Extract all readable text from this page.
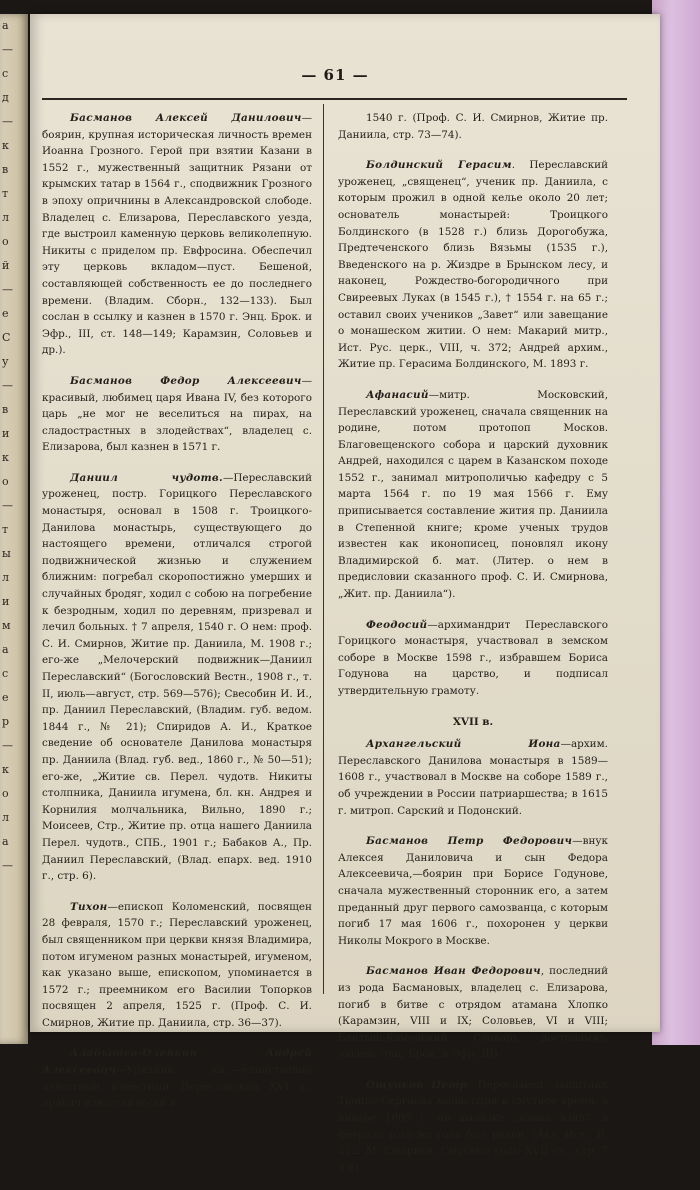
а
—
с
д
—
к
в
т
л
о
й
—
е
С
у
—
в
и
к
о
—
т
ы
л
и
м
а
с
е
р
—
к
о
л
а
—
— 61 —

Басманов Алексей Данилович—боярин, крупная историческая личность времен Иоанна Грозного. Герой при взятии Казани в 1552 г., мужественный защитник Рязани от крымских татар в 1564 г., сподвижник Грозного в эпоху опричнины в Александровской слободе. Владелец с. Елизарова, Переславского уезда, где выстроил каменную церковь великолепную. Никиты с приделом пр. Евфросина. Обеспечил эту церковь вкладом—пуст. Бешеной, составляющей собственность ее до последнего времени. (Владим. Сборн., 132—133). Был сослан в ссылку и казнен в 1570 г. Энц. Брок. и Эфр., III, ст. 148—149; Карамзин, Соловьев и др.).

Басманов Федор Алексеевич—красивый, любимец царя Ивана IV, без которого царь „не мог не веселиться на пирах, на сладострастных в злодействах“, владелец с. Елизарова, был казнен в 1571 г.

Даниил чудотв.—Переславский уроженец, постр. Горицкого Переславского монастыря, основал в 1508 г. Троицкого-Данилова монастырь, существующего до настоящего времени, отличался строгой подвижнической жизнью и служением ближним: погребал скоропостижно умерших и случайных бродяг, ходил с собою на погребение к безродным, ходил по деревням, призревал и лечил больных. † 7 апреля, 1540 г. О нем: проф. С. И. Смирнов, Житие пр. Даниила, М. 1908 г.; его-же „Мелочерский подвижник—Даниил Переславский“ (Богословский Вестн., 1908 г., т. II, июль—август, стр. 569—576); Свесобин И. И., пр. Даниил Переславский, (Владим. губ. ведом. 1844 г., № 21); Спиридов А. И., Краткое сведение об основателе Данилова монастыря пр. Даниила (Влад. губ. вед., 1860 г., № 50—51); его-же, „Житие св. Перел. чудотв. Никиты столпника, Даниила игумена, бл. кн. Андрея и Корнилия молчальника, Вильно, 1890 г.; Моисеев, Стр., Житие пр. отца нашего Даниила Перел. чудотв., СПБ., 1901 г.; Бабаков А., Пр. Даниил Переславский, (Влад. епарх. вед. 1910 г., стр. 6).

Тихон—епископ Коломенский, посвящен 28 февраля, 1570 г.; Переславский уроженец, был священником при церкви князя Владимира, потом игуменом разных монастырей, игуменом, как указано выше, епископом, упоминается в 1572 г.; преемником его Василии Топорков посвящен 2 апреля, 1525 г. (Проф. С. И. Смирнов, Житие пр. Даниила, стр. 36—37).

Алабышев-Оленкин Андрей Алексеевич—Урядник, кн.,—единственно известный известный Переславский XVI в., правил известнически в

1540 г. (Проф. С. И. Смирнов, Житие пр. Даниила, стр. 73—74).

Болдинский Герасим. Переславский уроженец, „священец“, ученик пр. Даниила, с которым прожил в одной келье около 20 лет; основатель монастырей: Троицкого Болдинского (в 1528 г.) близь Дорогобужа, Предтеченского близь Вязьмы (1535 г.), Введенского на р. Жиздре в Брынском лесу, и наконец, Рождество-богородичного при Свиреевых Луках (в 1545 г.), † 1554 г. на 65 г.; оставил своих учеников „Завет“ или завещание о монашеском житии. О нем: Макарий митр., Ист. Рус. церк., VIII, ч. 372; Андрей архим., Житие пр. Герасима Болдинского, М. 1893 г.

Афанасий—митр. Московский, Переславский уроженец, сначала священник на родине, потом протопоп Москов. Благовещенского собора и царский духовник Андрей, находился с царем в Казанском походе 1552 г., занимал митрополичью кафедру с 5 марта 1564 г. по 19 мая 1566 г. Ему приписывается составление жития пр. Даниила в Степенной книге; кроме ученых трудов известен как иконописец, поновлял икону Владимирской б. мат. (Литер. о нем в предисловии сказанного проф. С. И. Смирнова, „Жит. пр. Даниила“).

Феодосий—архимандрит Переславского Горицкого монастыря, участвовал в земском соборе в Москве 1598 г., избравшем Бориса Годунова на царство, и подписал утвердительную грамоту.

XVII в.

Архангельский Иона—архим. Переславского Данилова монастыря в 1589—1608 г., участвовал в Москве на соборе 1589 г., об учреждении в России патриаршества; в 1615 г. митроп. Сарский и Подонский.

Басманов Петр Федорович—внук Алексея Даниловича и сын Федора Алексеевича,—боярин при Борисе Годунове, сначала мужественный сторонник его, а затем преданный друг первого самозванца, с которым погиб 17 мая 1606 г., похоронен у церкви Николы Мокрого в Москве.

Басманов Иван Федорович, последний из рода Басмановых, владелец с. Елизарова, погиб в битве с отрядом атамана Хлопко (Карамзин, VIII и IX; Соловьев, VI и VIII; Бантыш-Каменский, Словарь достопамят. людей; Энц. Брок. и Эфр. III).

Ощупков Петр, Переславец, защитник Троице-Сергиева монастыря в смутное время, в январе 1609 г. на вылазке „языка взял“, в феврале того же года был ранен. (Акт. Ист., II, 212; М. Смирнов, Смутные годы XVII ст., стр. 7 и 8).
